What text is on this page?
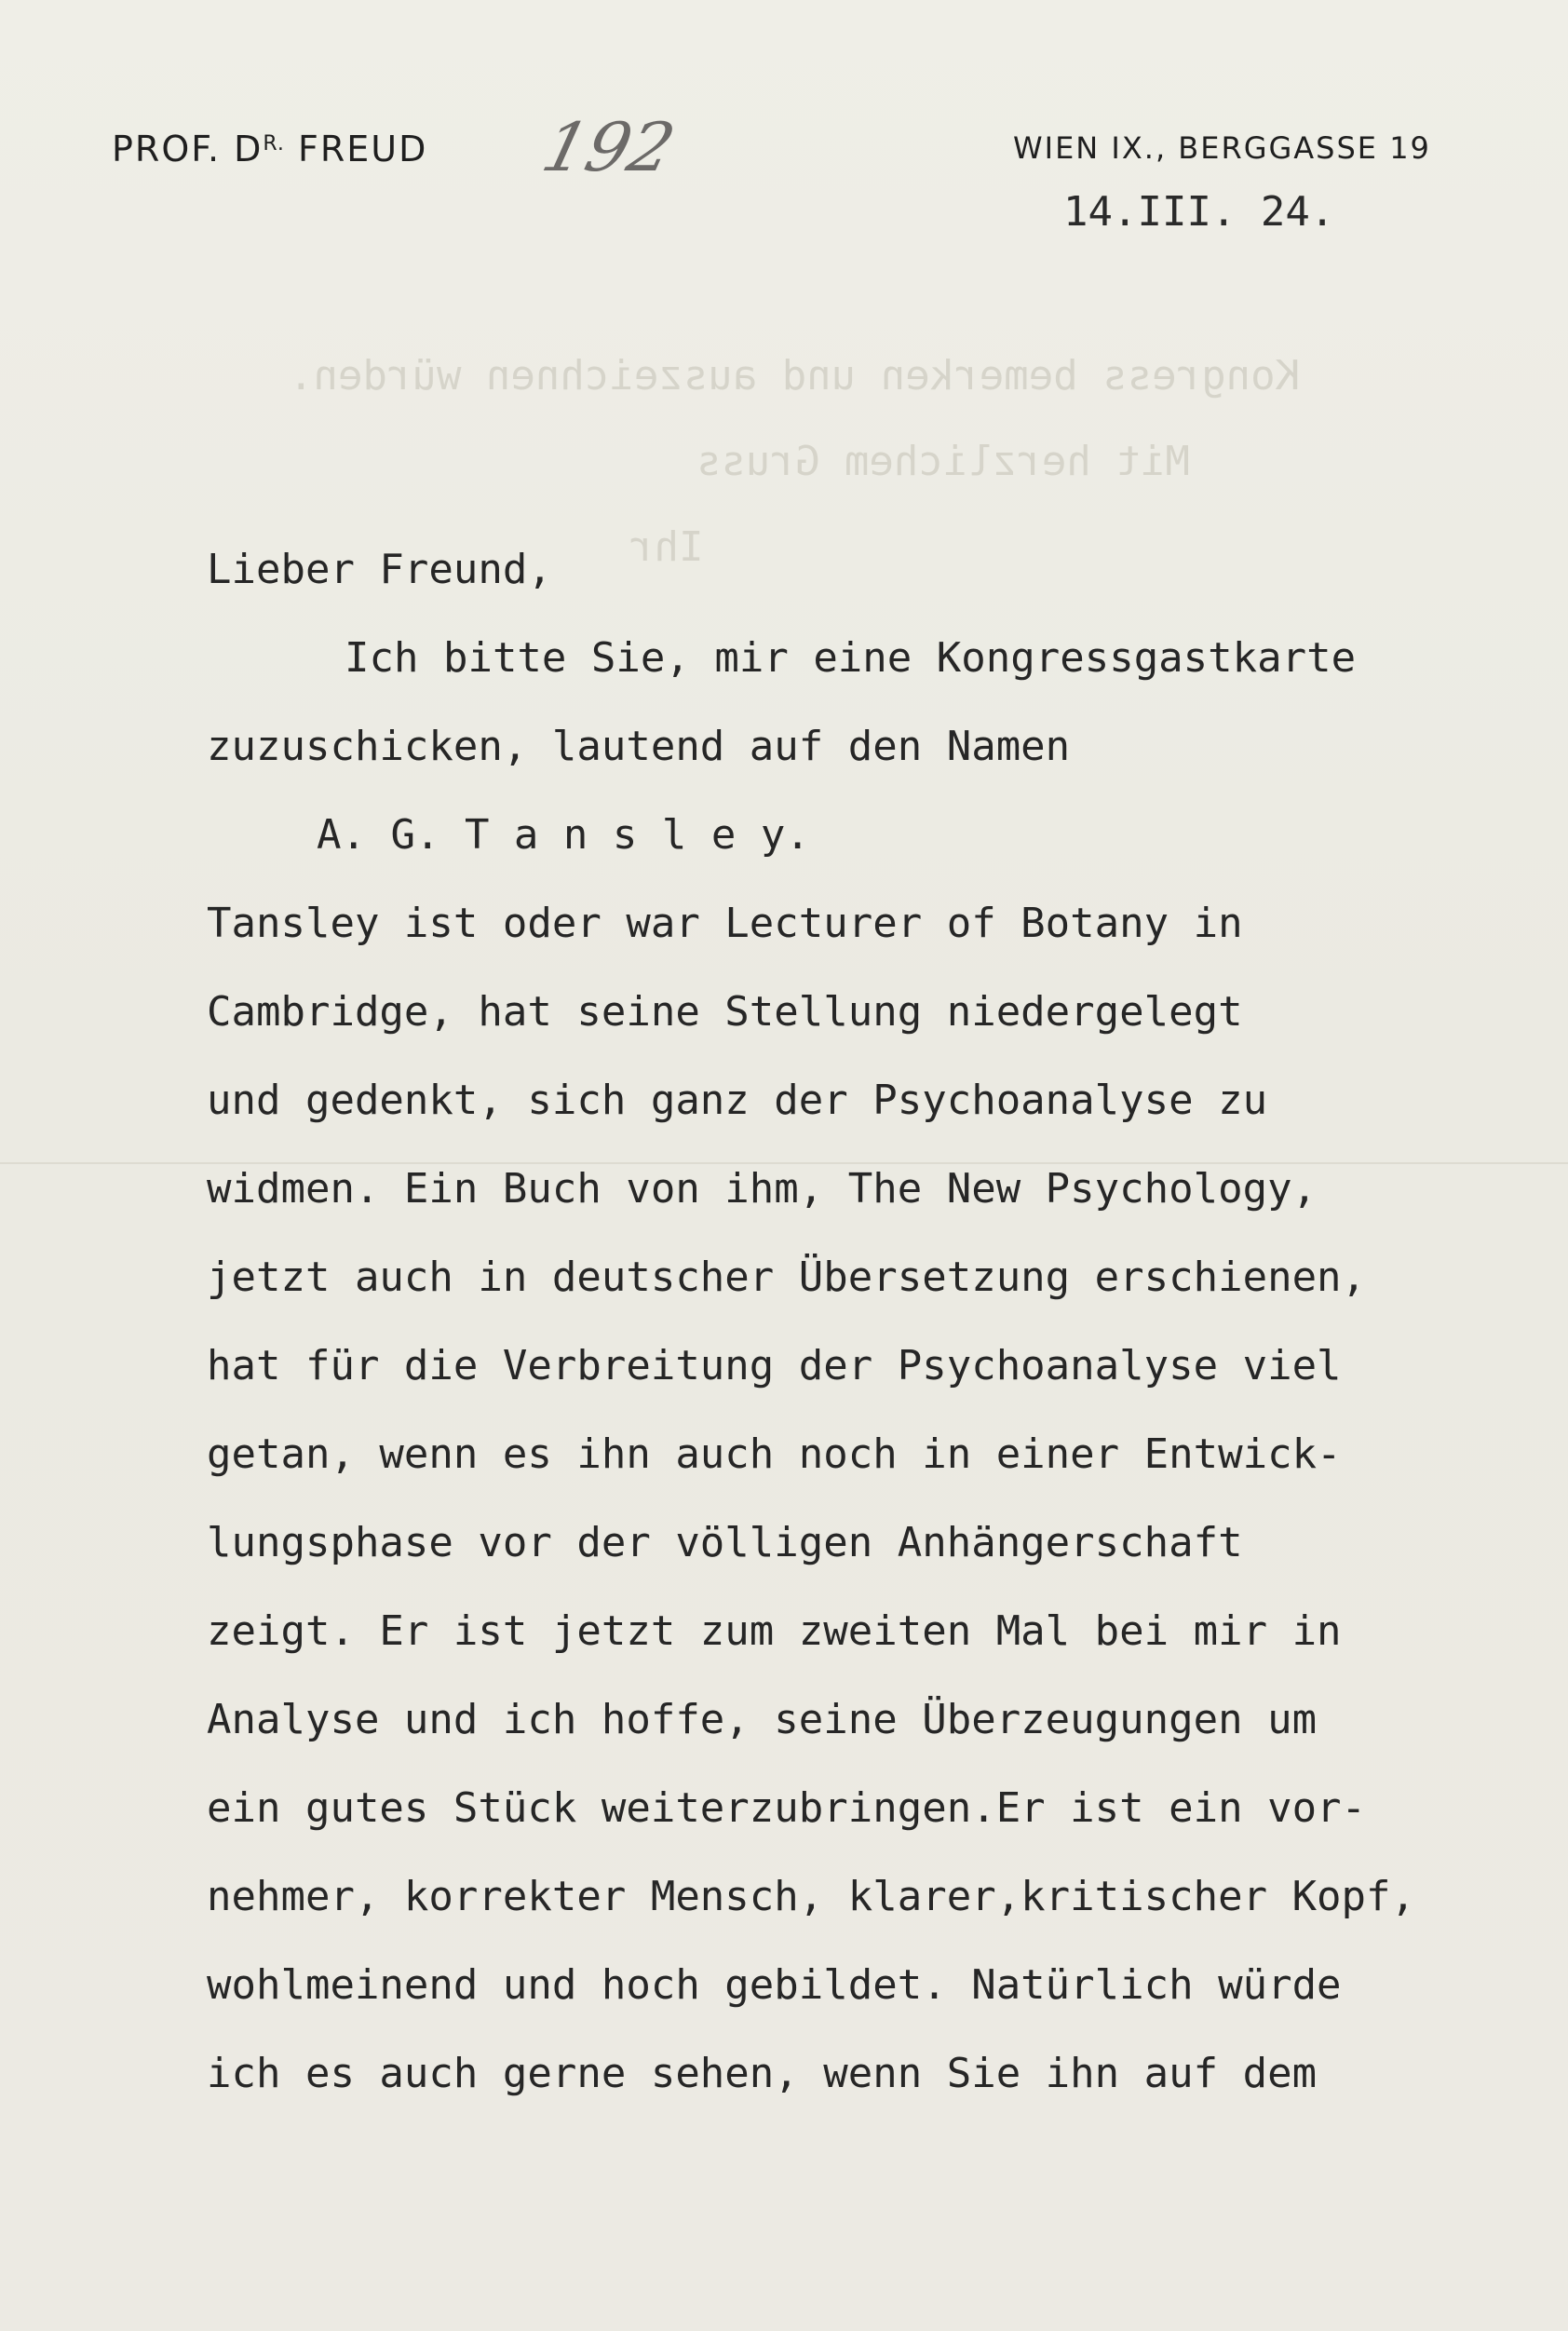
PROF. $D^{R.}$ FREUD 192	WIEN IX., BERGGASSE 19
14.III. 24.
Kongress bemerken und auszeichnen würden.
Mit herzlichem Gruss
Ihr
Lieber Freund,
Ich bitte Sie, mir eine Kongressgastkarte
zuzuschicken, lautend auf den Namen
A. G. T a n s l e y.
Tansley ist oder war Lecturer of Botany in
Cambridge, hat seine Stellung niedergelegt
und gedenkt, sich ganz der Psychoanalyse zu
widmen. Ein Buch von ihm, The New Psychology,
jetzt auch in deutscher Übersetzung erschienen,
hat für die Verbreitung der Psychoanalyse viel
getan, wenn es ihn auch noch in einer Entwick-
lungsphase vor der völligen Anhängerschaft
zeigt. Er ist jetzt zum zweiten Mal bei mir in
Analyse und ich hoffe, seine Überzeugungen um
ein gutes Stück weiterzubringen.Er ist ein vor-
nehmer, korrekter Mensch, klarer,kritischer Kopf,
wohlmeinend und hoch gebildet. Natürlich würde
ich es auch gerne sehen, wenn Sie ihn auf dem
